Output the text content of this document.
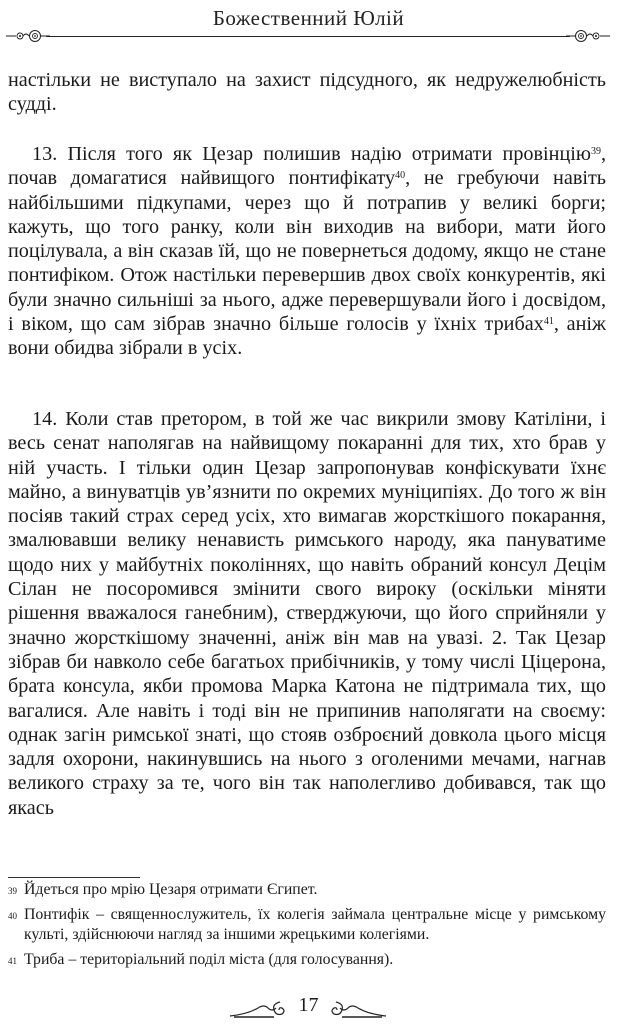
Божественний Юлій

настільки не виступало на захист підсудного, як недружелюбність судді.

13. Після того як Цезар полишив надію отримати провінцію$^{39}$, почав домагатися найвищого понтифікату$^{40}$, не гребуючи навіть найбільшими підкупами, через що й потрапив у великі борги; кажуть, що того ранку, коли він виходив на вибори, мати його поцілувала, а він сказав їй, що не повернеться додому, якщо не стане понтифіком. Отож настільки перевершив двох своїх конкурентів, які були значно сильніші за нього, адже перевершували його і досвідом, і віком, що сам зібрав значно більше голосів у їхніх трибах$^{41}$, аніж вони обидва зібрали в усіх.

14. Коли став претором, в той же час викрили змову Катіліни, і весь сенат наполягав на найвищому покаранні для тих, хто брав у ній участь. І тільки один Цезар запропонував конфіскувати їхнє майно, а винуватців ув’язнити по окремих муніципіях. До того ж він посіяв такий страх серед усіх, хто вимагав жорсткішого покарання, змалювавши велику ненависть римського народу, яка пануватиме щодо них у майбутніх поколіннях, що навіть обраний консул Децім Сілан не посоромився змінити свого вироку (оскільки міняти рішення вважалося ганебним), стверджуючи, що його сприйняли у значно жорсткішому значенні, аніж він мав на увазі. 2. Так Цезар зібрав би навколо себе багатьох прибічників, у тому числі Ціцерона, брата консула, якби промова Марка Катона не підтримала тих, що вагалися. Але навіть і тоді він не припинив наполягати на своєму: однак загін римської знаті, що стояв озброєний довкола цього місця задля охорони, накинувшись на нього з оголеними мечами, нагнав великого страху за те, чого він так наполегливо добивався, так що якась

39 Йдеться про мрію Цезаря отримати Єгипет.

40 Понтифік – священнослужитель, їх колегія займала центральне місце у римському культі, здійснюючи нагляд за іншими жрецькими колегіями.

41 Триба – територіальний поділ міста (для голосування).

17
